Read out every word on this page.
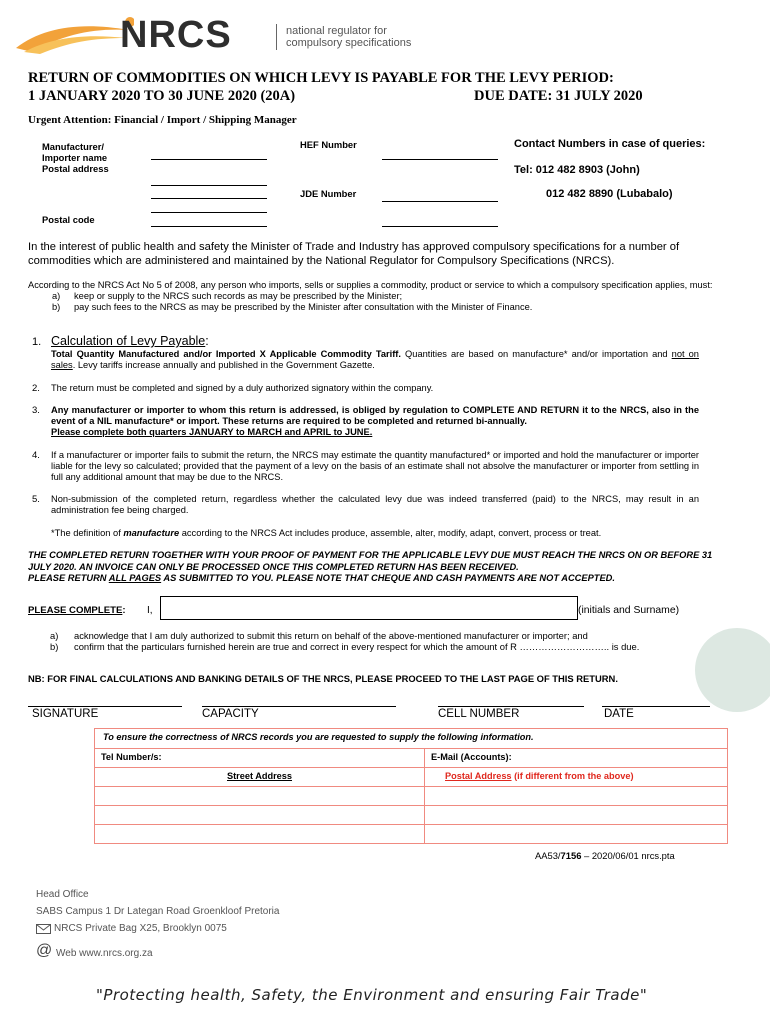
NRCS	national regulator for
compulsory specifications
RETURN OF COMMODITIES ON WHICH LEVY IS PAYABLE FOR THE LEVY PERIOD:
1 JANUARY 2020 TO 30 JUNE 2020 (20A)	DUE DATE: 31 JULY 2020
Urgent Attention: Financial / Import / Shipping Manager
Manufacturer/
Importer name
Postal address
Postal code
HEF Number
JDE Number
Contact Numbers in case of queries:
Tel: 012 482 8903 (John)
012 482 8890 (Lubabalo)
In the interest of public health and safety the Minister of Trade and Industry has approved compulsory specifications for a number of commodities which are administered and maintained by the National Regulator for Compulsory Specifications (NRCS).
According to the NRCS Act No 5 of 2008, any person who imports, sells or supplies a commodity, product or service to which a compulsory specification applies, must:
a) keep or supply to the NRCS such records as may be prescribed by the Minister;
b) pay such fees to the NRCS as may be prescribed by the Minister after consultation with the Minister of Finance.
1. Calculation of Levy Payable:
Total Quantity Manufactured and/or Imported X Applicable Commodity Tariff. Quantities are based on manufacture* and/or importation and not on sales. Levy tariffs increase annually and published in the Government Gazette.
2. The return must be completed and signed by a duly authorized signatory within the company.
3. Any manufacturer or importer to whom this return is addressed, is obliged by regulation to COMPLETE AND RETURN it to the NRCS, also in the event of a NIL manufacture* or import. These returns are required to be completed and returned bi-annually.
Please complete both quarters JANUARY to MARCH and APRIL to JUNE.
4. If a manufacturer or importer fails to submit the return, the NRCS may estimate the quantity manufactured* or imported and hold the manufacturer or importer liable for the levy so calculated; provided that the payment of a levy on the basis of an estimate shall not absolve the manufacturer or importer from settling in full any additional amount that may be due to the NRCS.
5. Non-submission of the completed return, regardless whether the calculated levy due was indeed transferred (paid) to the NRCS, may result in an administration fee being charged.
*The definition of manufacture according to the NRCS Act includes produce, assemble, alter, modify, adapt, convert, process or treat.
THE COMPLETED RETURN TOGETHER WITH YOUR PROOF OF PAYMENT FOR THE APPLICABLE LEVY DUE MUST REACH THE NRCS ON OR BEFORE 31 JULY 2020. AN INVOICE CAN ONLY BE PROCESSED ONCE THIS COMPLETED RETURN HAS BEEN RECEIVED.
PLEASE RETURN ALL PAGES AS SUBMITTED TO YOU. PLEASE NOTE THAT CHEQUE AND CASH PAYMENTS ARE NOT ACCEPTED.
PLEASE COMPLETE: I,	(initials and Surname)
a) acknowledge that I am duly authorized to submit this return on behalf of the above-mentioned manufacturer or importer; and
b) confirm that the particulars furnished herein are true and correct in every respect for which the amount of R ……………………….. is due.
NB: FOR FINAL CALCULATIONS AND BANKING DETAILS OF THE NRCS, PLEASE PROCEED TO THE LAST PAGE OF THIS RETURN.
SIGNATURE	CAPACITY	CELL NUMBER	DATE
To ensure the correctness of NRCS records you are requested to supply the following information.
Tel Number/s:	E-Mail (Accounts):
Street Address	Postal Address (if different from the above)
AA53/7156 – 2020/06/01 nrcs.pta
Head Office
SABS Campus 1 Dr Lategan Road Groenkloof Pretoria
NRCS Private Bag X25, Brooklyn 0075
@ Web www.nrcs.org.za
"Protecting health, Safety, the Environment and ensuring Fair Trade"
